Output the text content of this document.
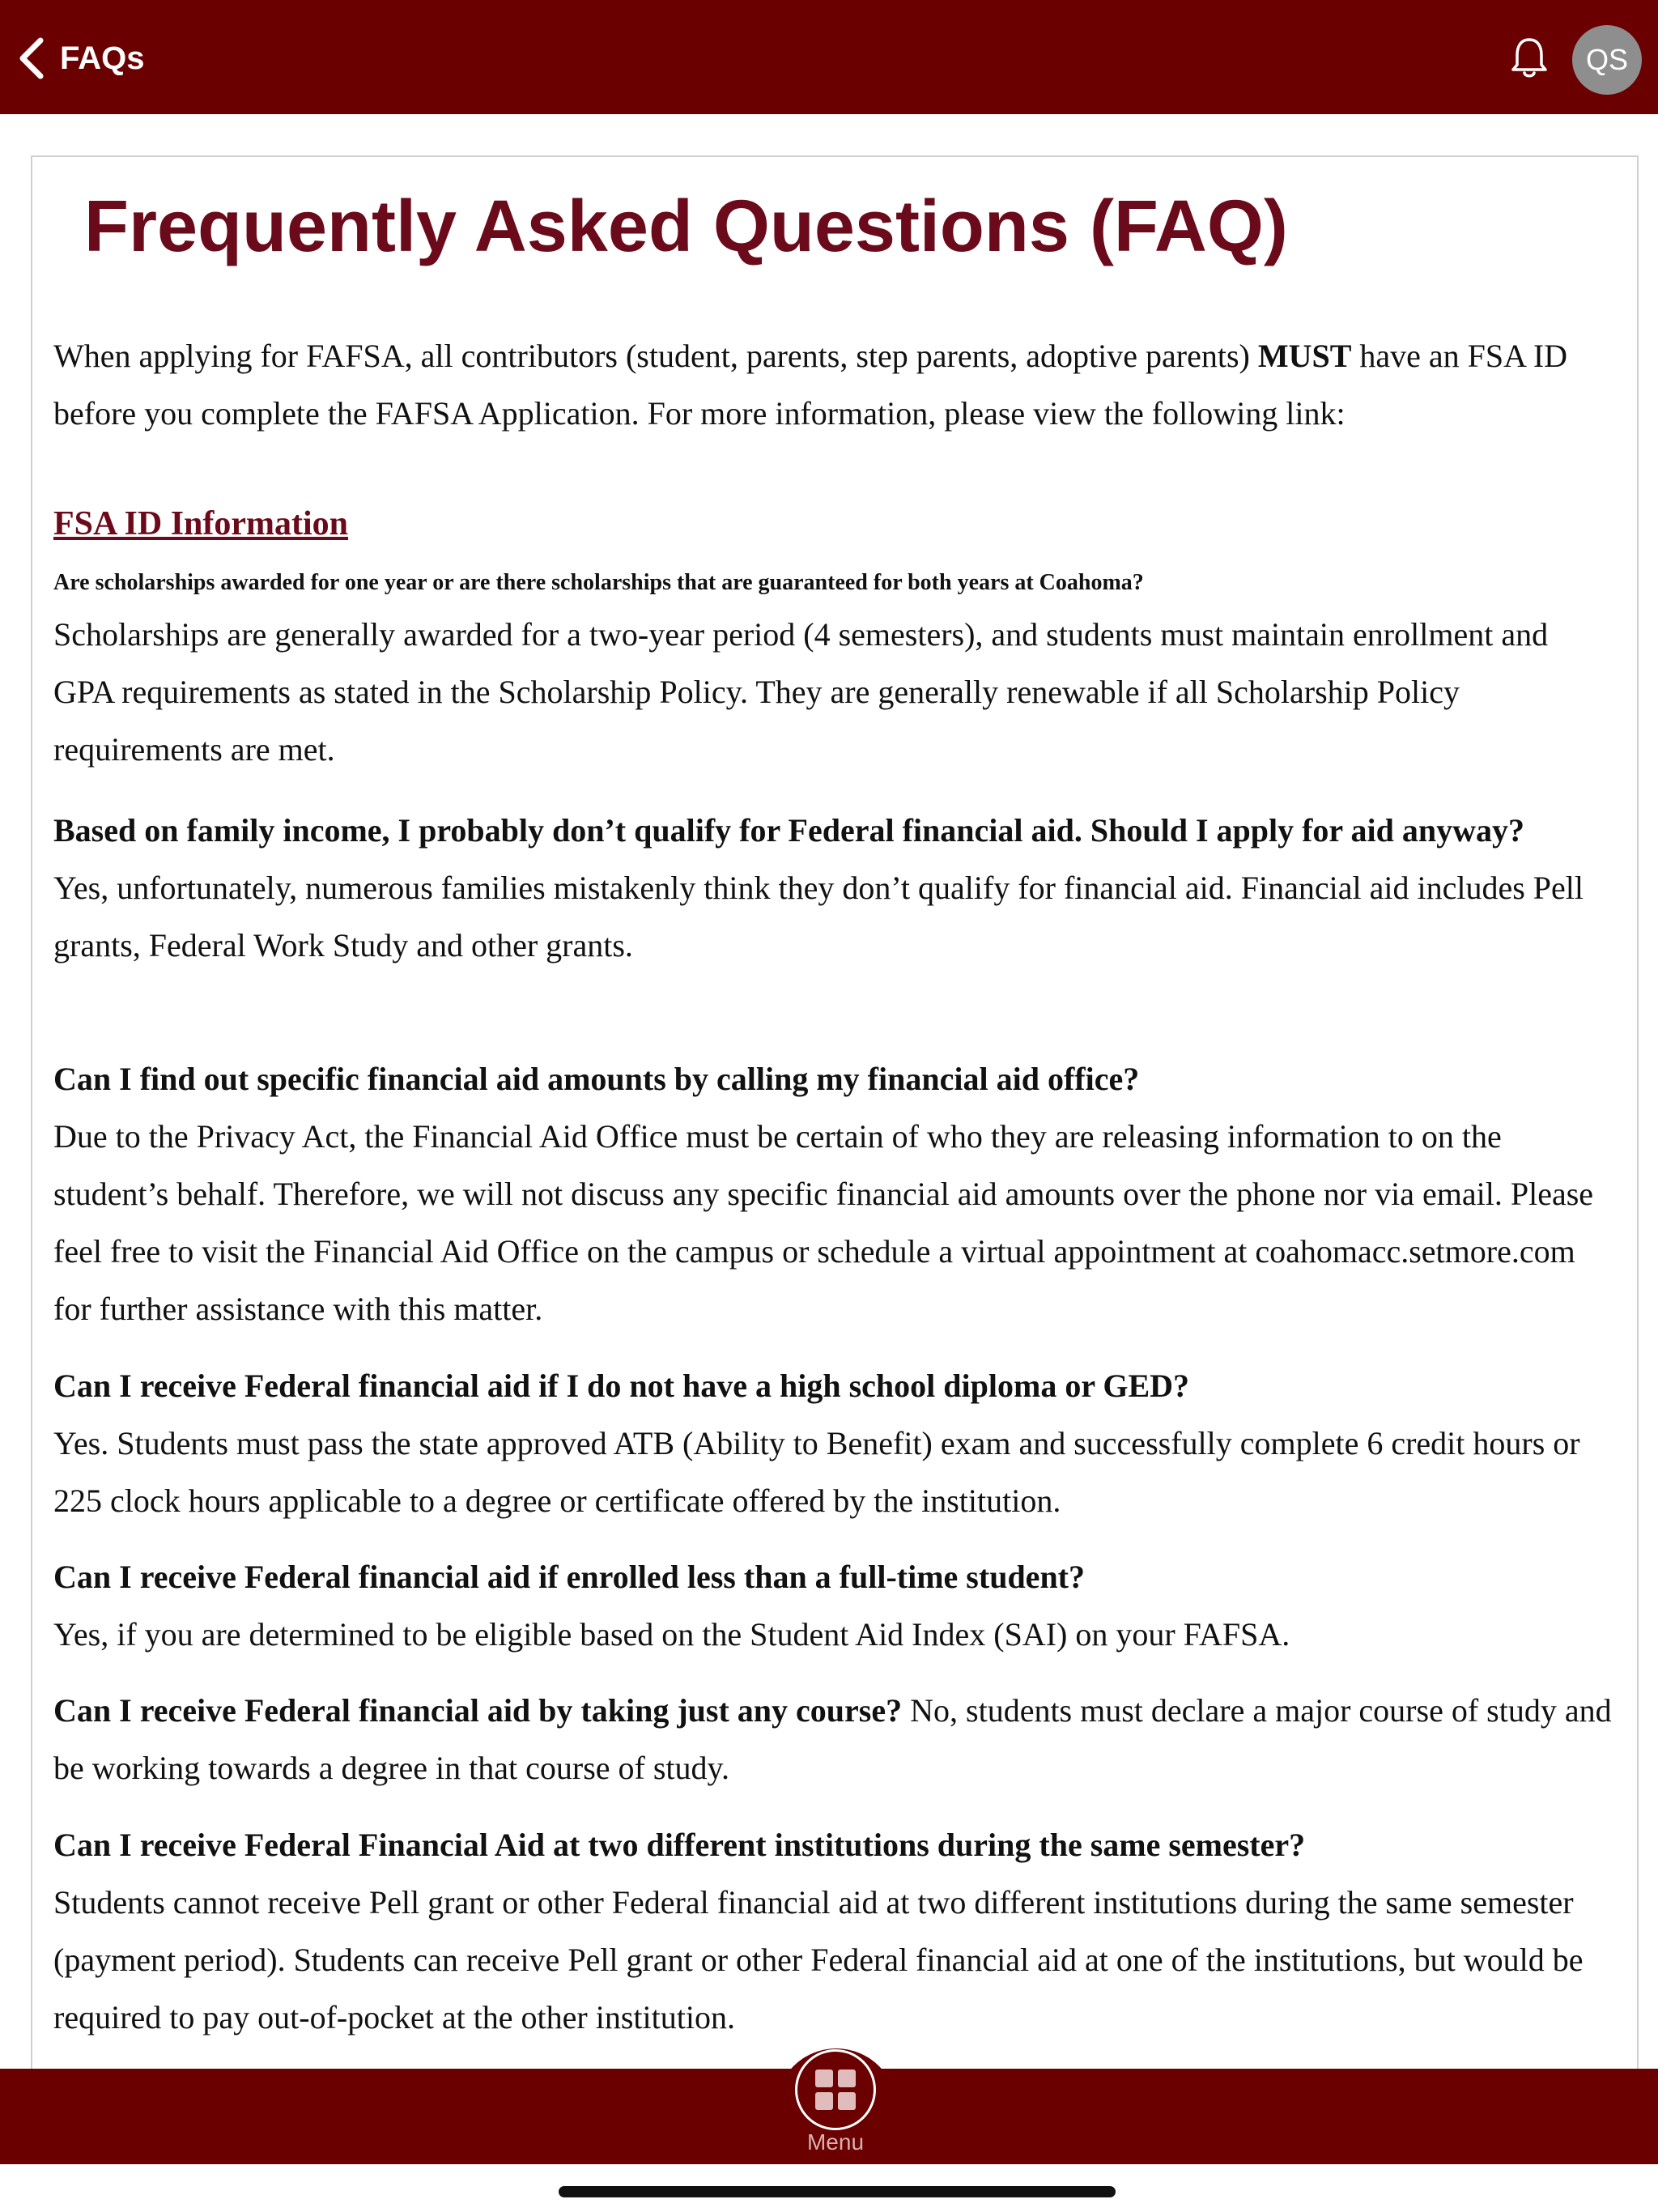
FAQs	QS
Frequently Asked Questions (FAQ)
When applying for FAFSA, all contributors (student, parents, step parents, adoptive parents) MUST have an FSA ID before you complete the FAFSA Application. For more information, please view the following link:
FSA ID Information
Are scholarships awarded for one year or are there scholarships that are guaranteed for both years at Coahoma?
Scholarships are generally awarded for a two-year period (4 semesters), and students must maintain enrollment and GPA requirements as stated in the Scholarship Policy. They are generally renewable if all Scholarship Policy requirements are met.
Based on family income, I probably don’t qualify for Federal financial aid. Should I apply for aid anyway?
Yes, unfortunately, numerous families mistakenly think they don’t qualify for financial aid. Financial aid includes Pell grants, Federal Work Study and other grants.
Can I find out specific financial aid amounts by calling my financial aid office?
Due to the Privacy Act, the Financial Aid Office must be certain of who they are releasing information to on the student’s behalf. Therefore, we will not discuss any specific financial aid amounts over the phone nor via email. Please feel free to visit the Financial Aid Office on the campus or schedule a virtual appointment at coahomacc.setmore.com for further assistance with this matter.
Can I receive Federal financial aid if I do not have a high school diploma or GED?
Yes. Students must pass the state approved ATB (Ability to Benefit) exam and successfully complete 6 credit hours or 225 clock hours applicable to a degree or certificate offered by the institution.
Can I receive Federal financial aid if enrolled less than a full-time student?
Yes, if you are determined to be eligible based on the Student Aid Index (SAI) on your FAFSA.
Can I receive Federal financial aid by taking just any course? No, students must declare a major course of study and be working towards a degree in that course of study.
Can I receive Federal Financial Aid at two different institutions during the same semester?
Students cannot receive Pell grant or other Federal financial aid at two different institutions during the same semester (payment period). Students can receive Pell grant or other Federal financial aid at one of the institutions, but would be required to pay out-of-pocket at the other institution.
Menu
